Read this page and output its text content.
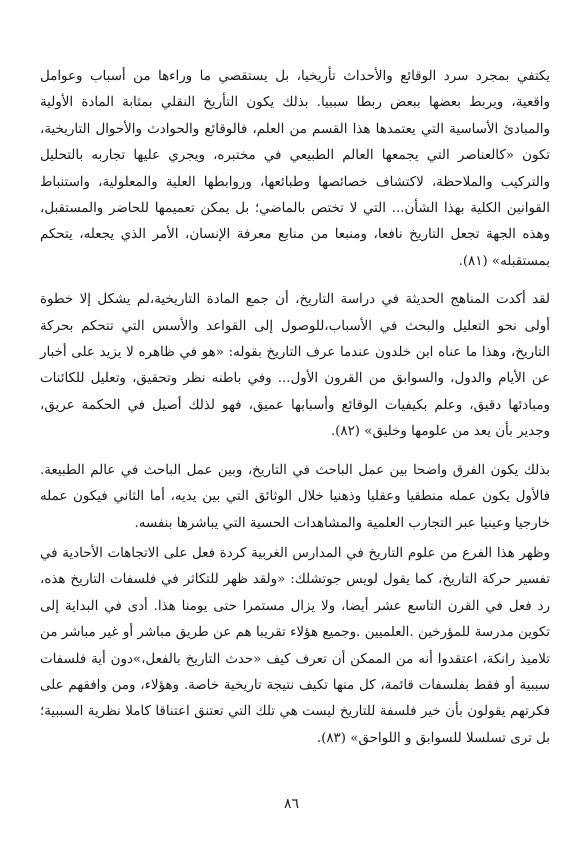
يكتفي بمجرد سرد الوقائع والأحداث تأريخيا، بل يستقصي ما وراءها من أسباب وعوامل واقعية، ويربط بعضها ببعض ربطا سببيا. بذلك يكون التأريخ النقلي بمثابة المادة الأولية والمبادئ الأساسية التي يعتمدها هذا القسم من العلم، فالوقائع والحوادث والأحوال التاريخية، تكون «كالعناصر التي يجمعها العالم الطبيعي في مختبره، ويجري عليها تجاربه بالتحليل والتركيب والملاحظة، لاكتشاف خصائصها وطبائعها، وروابطها العلية والمعلولية، واستنباط القوانين الكلية بهذا الشأن... التي لا تختص بالماضي؛ بل يمكن تعميمها للحاضر والمستقبل، وهذه الجهة تجعل التاريخ نافعا، ومنبعا من منابع معرفة الإنسان، الأمر الذي يجعله، يتحكم بمستقبله» (٨١).

لقد أكدت المناهج الحديثة في دراسة التاريخ، أن جمع المادة التاريخية،لم يشكل إلا خطوة أولى نحو التعليل والبحث في الأسباب،للوصول إلى القواعد والأسس التي تتحكم بحركة التاريخ، وهذا ما عناه ابن خلدون عندما عرف التاريخ بقوله: «هو في ظاهره لا يزيد على أخبار عن الأيام والدول، والسوابق من القرون الأول... وفي باطنه نظر وتحقيق، وتعليل للكائنات ومبادئها دقيق، وعلم بكيفيات الوقائع وأسبابها عميق، فهو لذلك أصيل في الحكمة عريق، وجدير بأن يعد من علومها وخليق» (٨٢).

بذلك يكون الفرق واضحا بين عمل الباحث في التاريخ، وبين عمل الباحث في عالم الطبيعة. فالأول يكون عمله منطقيا وعقليا وذهنيا خلال الوثائق التي بين يديه، أما الثاني فيكون عمله خارجيا وعينيا عبر التجارب العلمية والمشاهدات الحسية التي يباشرها بنفسه.

وظهر هذا الفرع من علوم التاريخ في المدارس الغربية كردة فعل على الاتجاهات الأحادية في تفسير حركة التاريخ، كما يقول لويس جوتشلك: «ولقد ظهر للتكاثر في فلسفات التاريخ هذه، رد فعل في القرن التاسع عشر أيضا، ولا يزال مستمرا حتى يومنا هذا. أدى في البداية إلى تكوين مدرسة للمؤرخين .العلميين .وجميع هؤلاء تقريبا هم عن طريق مباشر أو غير مباشر من تلاميذ رانكة، اعتقدوا أنه من الممكن أن تعرف كيف «حدث التاريخ بالفعل،»دون أية فلسفات سببية أو فقط بفلسفات قائمة، كل منها تكيف نتيجة تاريخية خاصة. وهؤلاء، ومن وافقهم على فكرتهم يقولون بأن خير فلسفة للتاريخ ليست هي تلك التي تعتنق اعتناقا كاملا نظرية السببية؛ بل ترى تسلسلا للسوابق و اللواحق» (٨٣).

٨٦
